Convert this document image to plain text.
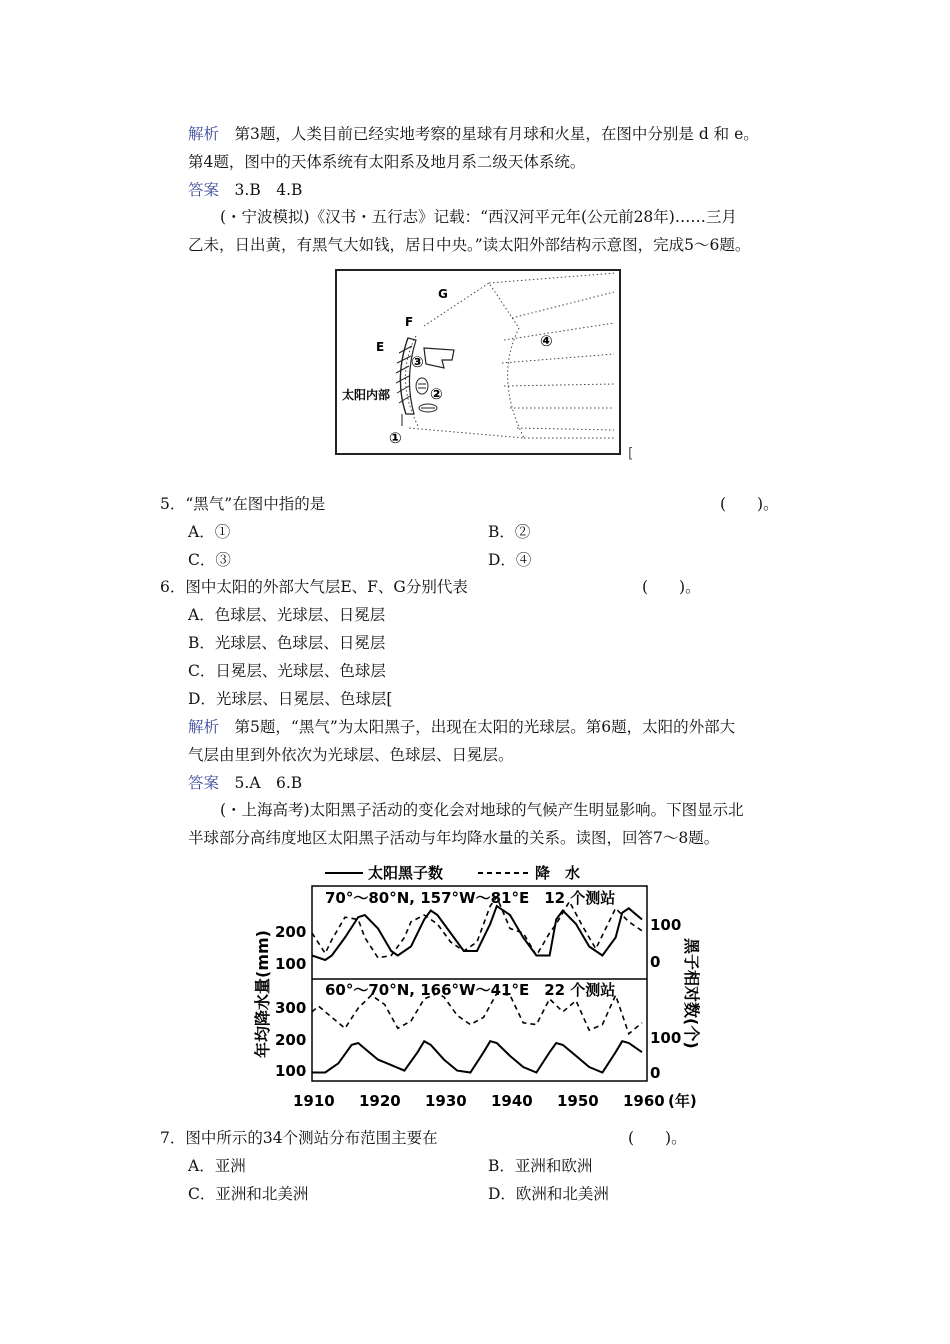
解析　 第3题，人类目前已经实地考察的星球有月球和火星，在图中分别是 d 和 e。
第4题，图中的天体系统有太阳系及地月系二级天体系统。
答案　 3.B　4.B
(・宁波模拟)《汉书・五行志》记载：“西汉河平元年(公元前28年)……三月
乙未，日出黄，有黑气大如钱，居日中央。”读太阳外部结构示意图，完成5～6题。
G
F
E
③
②
④
①
太阳内部
[
5．“黑气”在图中指的是	(　　)。
A．①	B．②
C．③	D．④
6．图中太阳的外部大气层E、F、G分别代表	(　　)。
A．色球层、光球层、日冕层
B．光球层、色球层、日冕层
C．日冕层、光球层、色球层
D．光球层、日冕层、色球层[
解析　 第5题，“黑气”为太阳黑子，出现在太阳的光球层。第6题，太阳的外部大
气层由里到外依次为光球层、色球层、日冕层。
答案　 5.A　6.B
(・上海高考)太阳黑子活动的变化会对地球的气候产生明显影响。下图显示北
半球部分高纬度地区太阳黑子活动与年均降水量的关系。读图，回答7～8题。
太阳黑子数	降　水
70°～80°N, 157°W～81°E　12 个测站
60°～70°N, 166°W～41°E　22 个测站
200
100
300
200
100
100
0
100
0
1910 1920 1930 1940 1950 1960 (年)
年均降水量(mm)	黑子相对数(个)
7．图中所示的34个测站分布范围主要在	(　　)。
A．亚洲	B．亚洲和欧洲
C．亚洲和北美洲	D．欧洲和北美洲
